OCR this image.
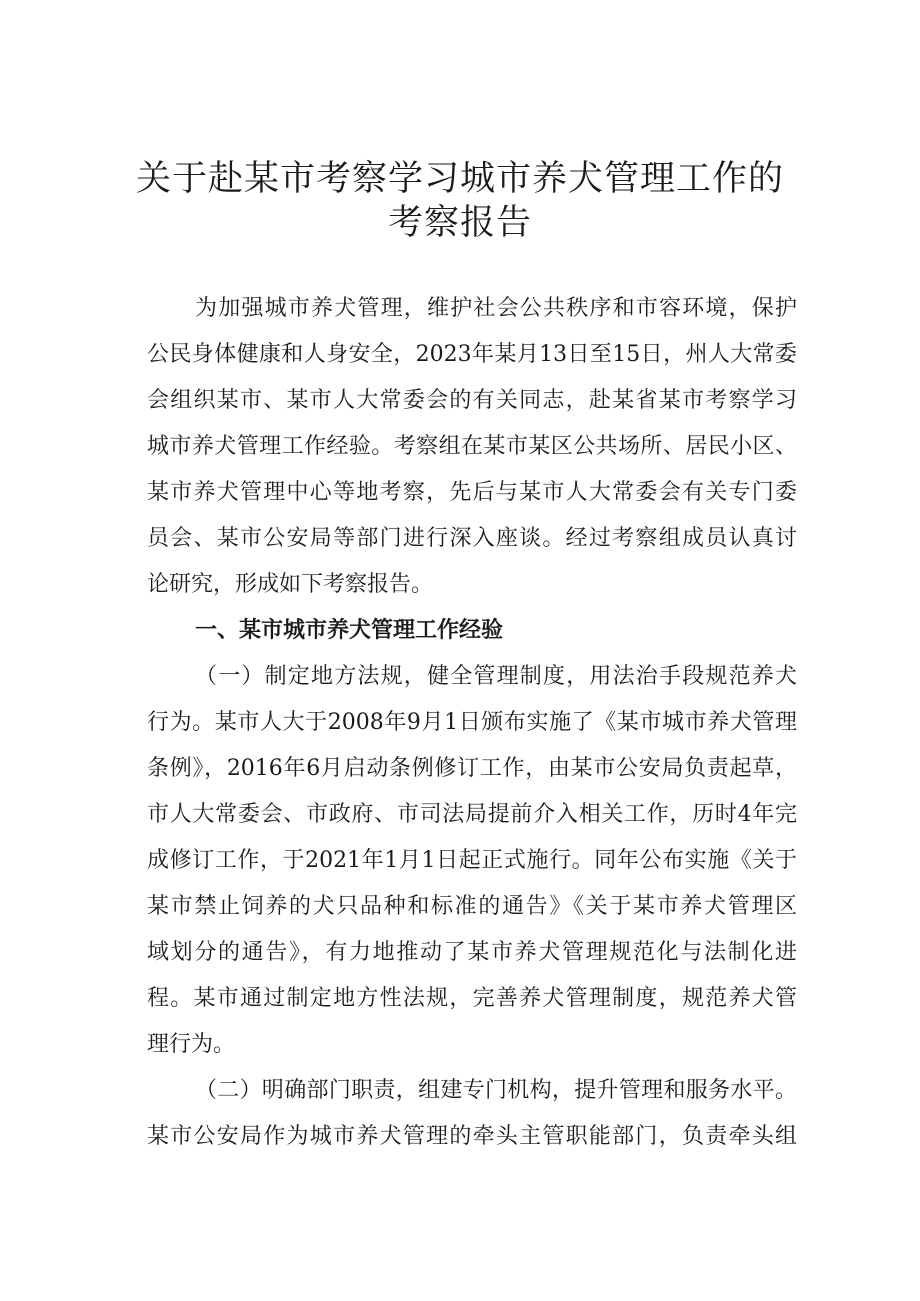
关于赴某市考察学习城市养犬管理工作的
考察报告
为加强城市养犬管理，维护社会公共秩序和市容环境，保护
公民身体健康和人身安全，2023年某月13日至15日，州人大常委
会组织某市、某市人大常委会的有关同志，赴某省某市考察学习
城市养犬管理工作经验。考察组在某市某区公共场所、居民小区、
某市养犬管理中心等地考察，先后与某市人大常委会有关专门委
员会、某市公安局等部门进行深入座谈。经过考察组成员认真讨
论研究，形成如下考察报告。
一、某市城市养犬管理工作经验
（一）制定地方法规，健全管理制度，用法治手段规范养犬
行为。某市人大于2008年9月1日颁布实施了《某市城市养犬管理
条例》，2016年6月启动条例修订工作，由某市公安局负责起草，
市人大常委会、市政府、市司法局提前介入相关工作，历时4年完
成修订工作，于2021年1月1日起正式施行。同年公布实施《关于
某市禁止饲养的犬只品种和标准的通告》《关于某市养犬管理区
域划分的通告》，有力地推动了某市养犬管理规范化与法制化进
程。某市通过制定地方性法规，完善养犬管理制度，规范养犬管
理行为。
（二）明确部门职责，组建专门机构，提升管理和服务水平。
某市公安局作为城市养犬管理的牵头主管职能部门，负责牵头组
